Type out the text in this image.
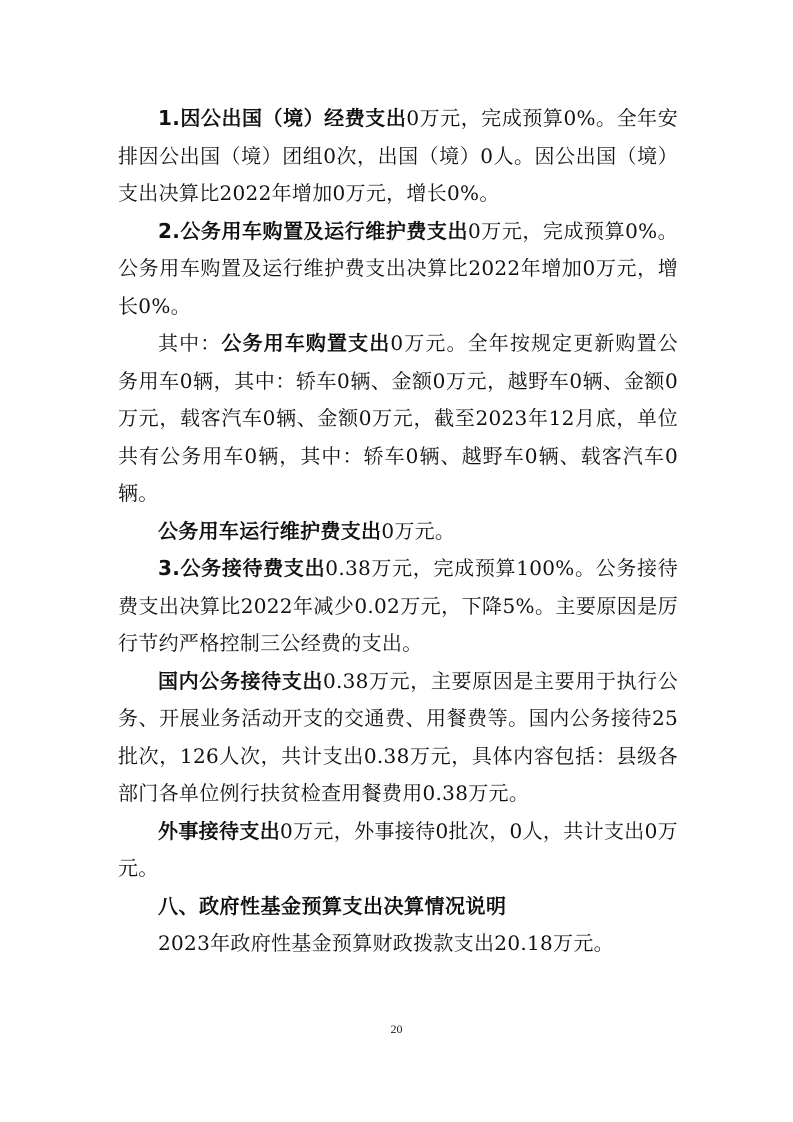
1.因公出国（境）经费支出0万元，完成预算0%。全年安排因公出国（境）团组0次，出国（境）0人。因公出国（境）支出决算比2022年增加0万元，增长0%。

2.公务用车购置及运行维护费支出0万元，完成预算0%。公务用车购置及运行维护费支出决算比2022年增加0万元，增长0%。

其中：公务用车购置支出0万元。全年按规定更新购置公务用车0辆，其中：轿车0辆、金额0万元，越野车0辆、金额0万元，载客汽车0辆、金额0万元，截至2023年12月底，单位共有公务用车0辆，其中：轿车0辆、越野车0辆、载客汽车0辆。

公务用车运行维护费支出0万元。

3.公务接待费支出0.38万元，完成预算100%。公务接待费支出决算比2022年减少0.02万元，下降5%。主要原因是厉行节约严格控制三公经费的支出。

国内公务接待支出0.38万元，主要原因是主要用于执行公务、开展业务活动开支的交通费、用餐费等。国内公务接待25批次，126人次，共计支出0.38万元，具体内容包括：县级各部门各单位例行扶贫检查用餐费用0.38万元。

外事接待支出0万元，外事接待0批次，0人，共计支出0万元。

八、政府性基金预算支出决算情况说明

2023年政府性基金预算财政拨款支出20.18万元。

20
